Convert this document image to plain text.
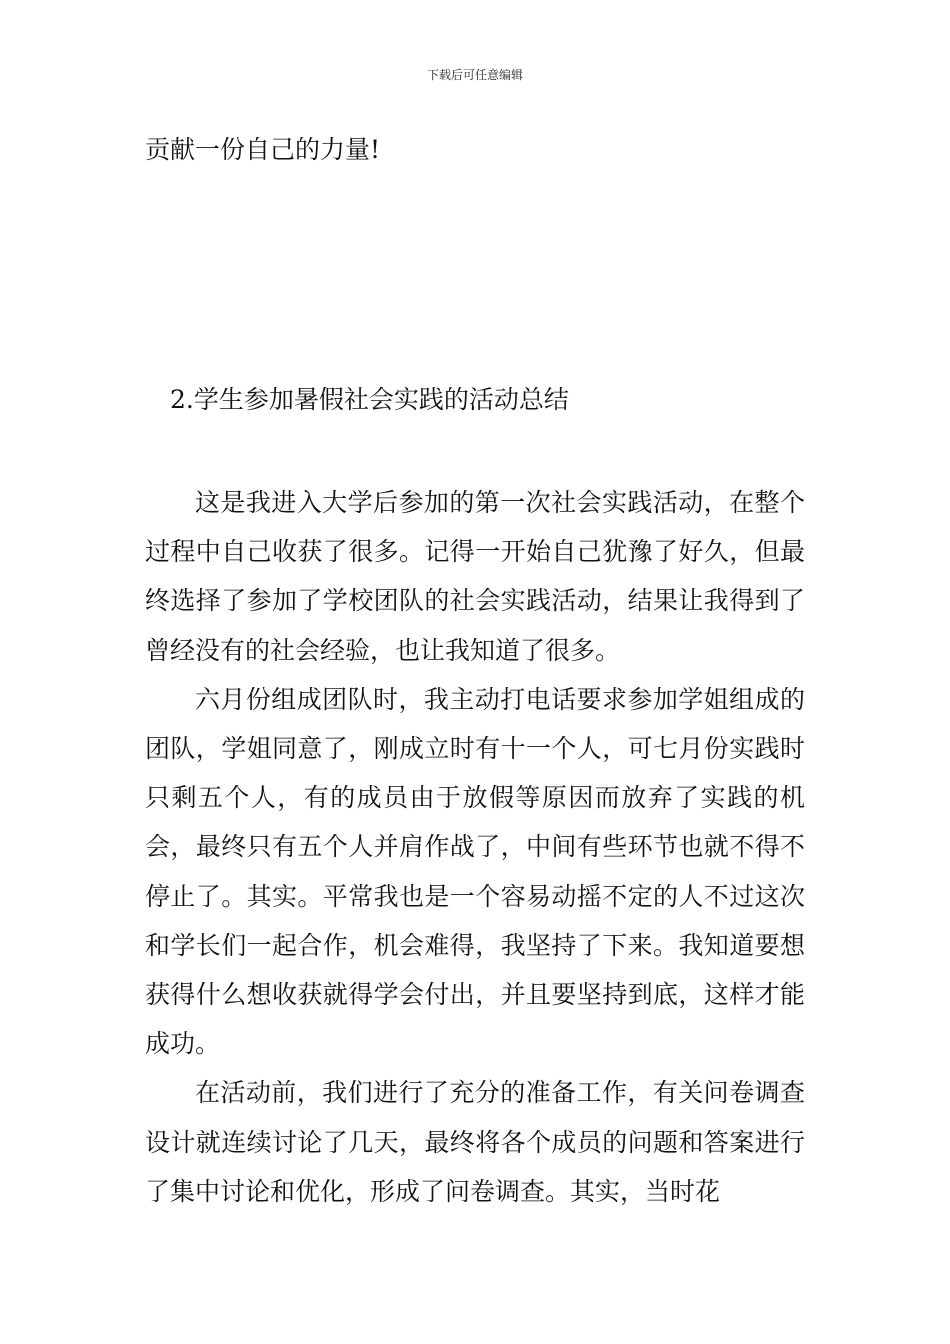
下载后可任意编辑
贡献一份自己的力量!
2.学生参加暑假社会实践的活动总结

这是我进入大学后参加的第一次社会实践活动，在整个过程中自己收获了很多。记得一开始自己犹豫了好久，但最终选择了参加了学校团队的社会实践活动，结果让我得到了曾经没有的社会经验，也让我知道了很多。

六月份组成团队时，我主动打电话要求参加学姐组成的团队，学姐同意了，刚成立时有十一个人，可七月份实践时只剩五个人，有的成员由于放假等原因而放弃了实践的机会，最终只有五个人并肩作战了，中间有些环节也就不得不停止了。其实。平常我也是一个容易动摇不定的人不过这次和学长们一起合作，机会难得，我坚持了下来。我知道要想获得什么想收获就得学会付出，并且要坚持到底，这样才能成功。

在活动前，我们进行了充分的准备工作，有关问卷调查设计就连续讨论了几天，最终将各个成员的问题和答案进行了集中讨论和优化，形成了问卷调查。其实，当时花
